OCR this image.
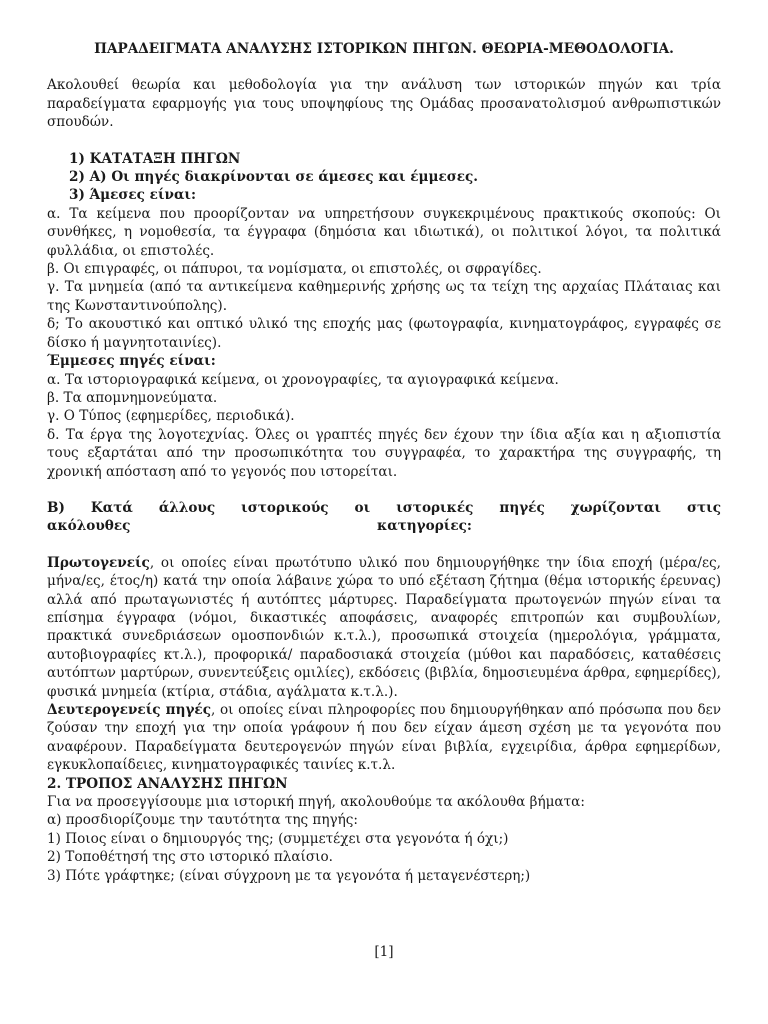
ΠΑΡΑΔΕΙΓΜΑΤΑ ΑΝΑΛΥΣΗΣ ΙΣΤΟΡΙΚΩΝ ΠΗΓΩΝ. ΘΕΩΡΙΑ-ΜΕΘΟΔΟΛΟΓΙΑ.

Ακολουθεί θεωρία και μεθοδολογία για την ανάλυση των ιστορικών πηγών και τρία παραδείγματα εφαρμογής για τους υποψηφίους της Ομάδας προσανατολισμού ανθρωπιστικών σπουδών.

1) ΚΑΤΑΤΑΞΗ ΠΗΓΩΝ

2) Α) Οι πηγές διακρίνονται σε άμεσες και έμμεσες.

3) Άμεσες είναι:

α. Τα κείμενα που προορίζονταν να υπηρετήσουν συγκεκριμένους πρακτικούς σκοπούς: Οι συνθήκες, η νομοθεσία, τα έγγραφα (δημόσια και ιδιωτικά), οι πολιτικοί λόγοι, τα πολιτικά φυλλάδια, οι επιστολές.

β. Οι επιγραφές, οι πάπυροι, τα νομίσματα, οι επιστολές, οι σφραγίδες.

γ. Τα μνημεία (από τα αντικείμενα καθημερινής χρήσης ως τα τείχη της αρχαίας Πλάταιας και της Κωνσταντινούπολης).

δ; Το ακουστικό και οπτικό υλικό της εποχής μας (φωτογραφία, κινηματογράφος, εγγραφές σε δίσκο ή μαγνητοταινίες).

Έμμεσες πηγές είναι:

α. Τα ιστοριογραφικά κείμενα, οι χρονογραφίες, τα αγιογραφικά κείμενα.

β. Τα απομνημονεύματα.

γ. Ο Τύπος (εφημερίδες, περιοδικά).

δ. Τα έργα της λογοτεχνίας. Όλες οι γραπτές πηγές δεν έχουν την ίδια αξία και η αξιοπιστία τους εξαρτάται από την προσωπικότητα του συγγραφέα, το χαρακτήρα της συγγραφής, τη χρονική απόσταση από το γεγονός που ιστορείται.

Β) Κατά άλλους ιστορικούς οι ιστορικές πηγές χωρίζονται στις

ακόλουθες	κατηγορίες:

Πρωτογενείς, οι οποίες είναι πρωτότυπο υλικό που δημιουργήθηκε την ίδια εποχή (μέρα/ες, μήνα/ες, έτος/η) κατά την οποία λάβαινε χώρα το υπό εξέταση ζήτημα (θέμα ιστορικής έρευνας) αλλά από πρωταγωνιστές ή αυτόπτες μάρτυρες. Παραδείγματα πρωτογενών πηγών είναι τα επίσημα έγγραφα (νόμοι, δικαστικές αποφάσεις, αναφορές επιτροπών και συμβουλίων, πρακτικά συνεδριάσεων ομοσπονδιών κ.τ.λ.), προσωπικά στοιχεία (ημερολόγια, γράμματα, αυτοβιογραφίες κτ.λ.), προφορικά/ παραδοσιακά στοιχεία (μύθοι και παραδόσεις, καταθέσεις αυτόπτων μαρτύρων, συνεντεύξεις ομιλίες), εκδόσεις (βιβλία, δημοσιευμένα άρθρα, εφημερίδες), φυσικά μνημεία (κτίρια, στάδια, αγάλματα κ.τ.λ.).

Δευτερογενείς πηγές, οι οποίες είναι πληροφορίες που δημιουργήθηκαν από πρόσωπα που δεν ζούσαν την εποχή για την οποία γράφουν ή που δεν είχαν άμεση σχέση με τα γεγονότα που αναφέρουν. Παραδείγματα δευτερογενών πηγών είναι βιβλία, εγχειρίδια, άρθρα εφημερίδων, εγκυκλοπαίδειες, κινηματογραφικές ταινίες κ.τ.λ.

2. ΤΡΟΠΟΣ ΑΝΑΛΥΣΗΣ ΠΗΓΩΝ

Για να προσεγγίσουμε μια ιστορική πηγή, ακολουθούμε τα ακόλουθα βήματα:

α) προσδιορίζουμε την ταυτότητα της πηγής:

1) Ποιος είναι ο δημιουργός της; (συμμετέχει στα γεγονότα ή όχι;)

2) Τοποθέτησή της στο ιστορικό πλαίσιο.

3) Πότε γράφτηκε; (είναι σύγχρονη με τα γεγονότα ή μεταγενέστερη;)

[1]
